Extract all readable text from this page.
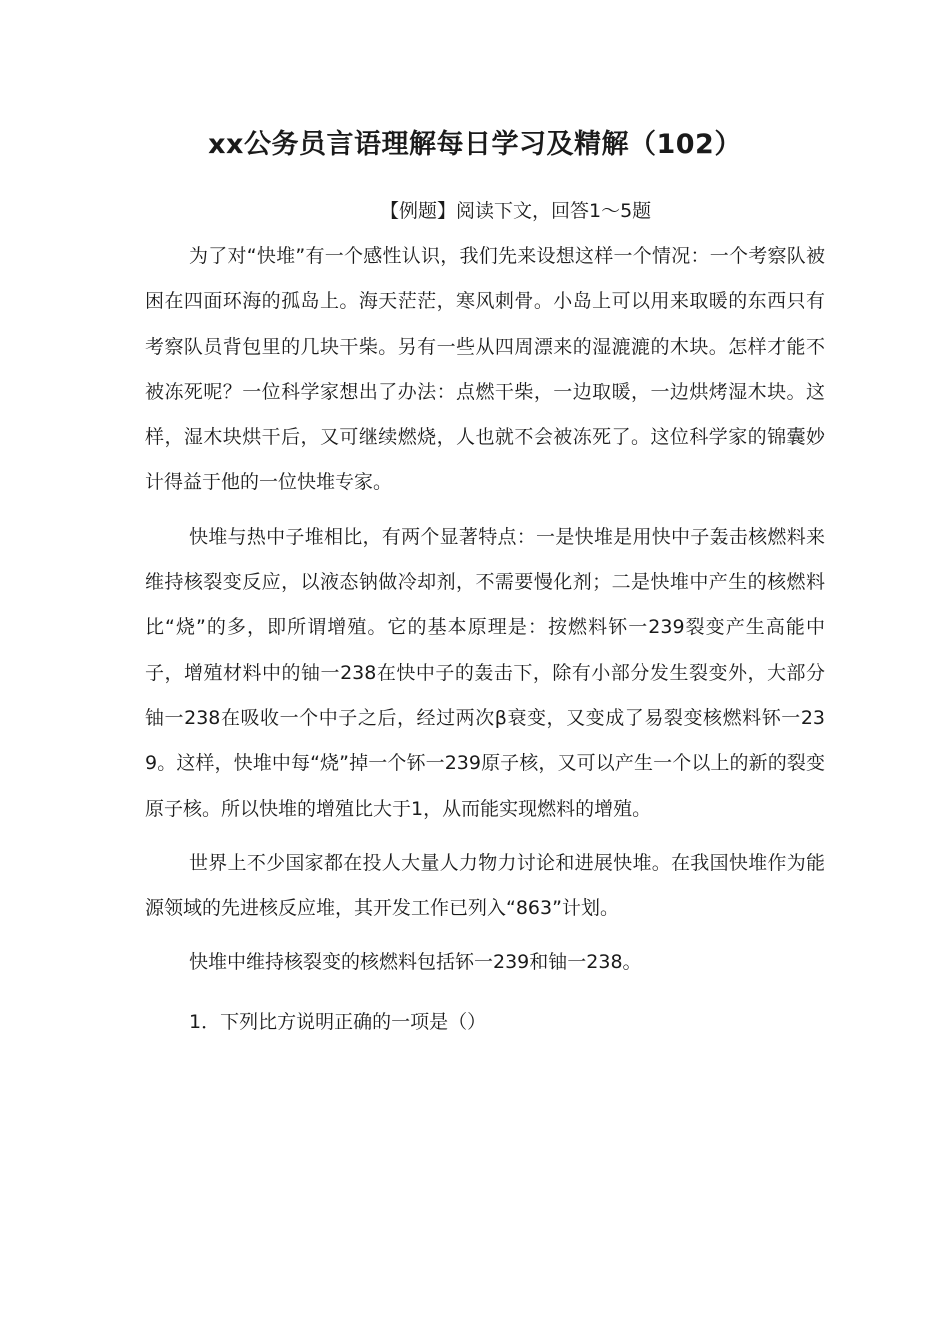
xx公务员言语理解每日学习及精解（102）

【例题】阅读下文，回答1～5题

为了对“快堆”有一个感性认识，我们先来设想这样一个情况：一个考察队被困在四面环海的孤岛上。海天茫茫，寒风刺骨。小岛上可以用来取暖的东西只有考察队员背包里的几块干柴。另有一些从四周漂来的湿漉漉的木块。怎样才能不被冻死呢？一位科学家想出了办法：点燃干柴，一边取暖，一边烘烤湿木块。这样，湿木块烘干后，又可继续燃烧，人也就不会被冻死了。这位科学家的锦囊妙计得益于他的一位快堆专家。

快堆与热中子堆相比，有两个显著特点：一是快堆是用快中子轰击核燃料来维持核裂变反应，以液态钠做冷却剂，不需要慢化剂；二是快堆中产生的核燃料比“烧”的多，即所谓增殖。它的基本原理是：按燃料钚一239裂变产生高能中子，增殖材料中的铀一238在快中子的轰击下，除有小部分发生裂变外，大部分铀一238在吸收一个中子之后，经过两次β衰变，又变成了易裂变核燃料钚一239。这样，快堆中每“烧”掉一个钚一239原子核，又可以产生一个以上的新的裂变原子核。所以快堆的增殖比大于1，从而能实现燃料的增殖。

世界上不少国家都在投人大量人力物力讨论和进展快堆。在我国快堆作为能源领域的先进核反应堆，其开发工作已列入“863”计划。

快堆中维持核裂变的核燃料包括钚一239和铀一238。

1．下列比方说明正确的一项是（）
